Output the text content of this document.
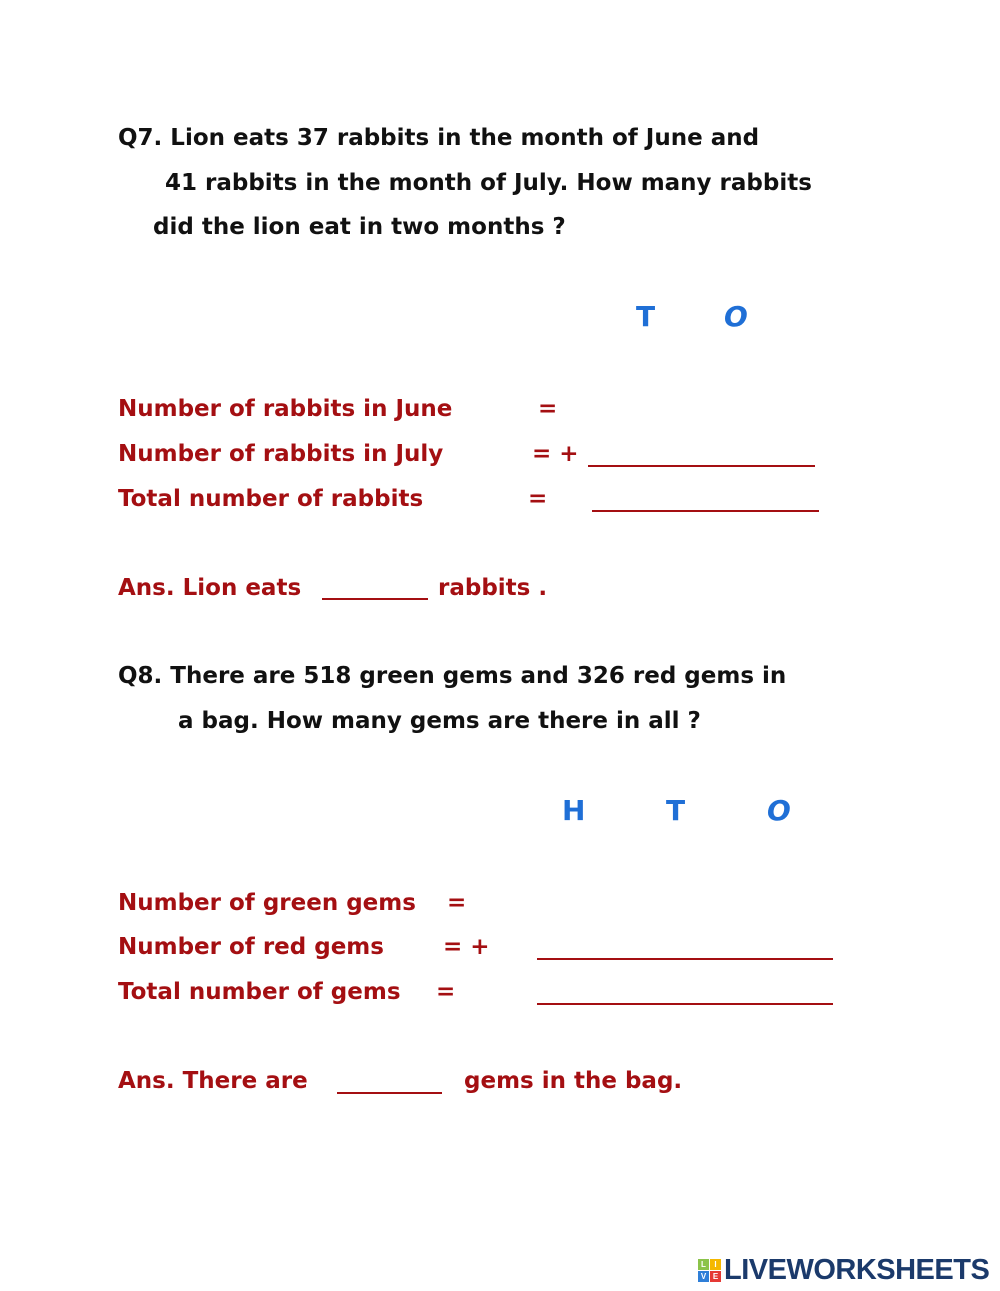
Q7. Lion eats 37 rabbits in the month of June and
41 rabbits in the month of July. How many rabbits
did the lion eat in two months ?
T O
Number of rabbits in June	=
Number of rabbits in July	= +
Total number of rabbits	=
Ans. Lion eats	rabbits .
Q8. There are 518 green gems and 326 red gems in
a bag. How many gems are there in all ?
H	T	O
Number of green gems =
Number of red gems	= +
Total number of gems =
Ans. There are	gems in the bag.
L	I
V E LIVEWORKSHEETS
